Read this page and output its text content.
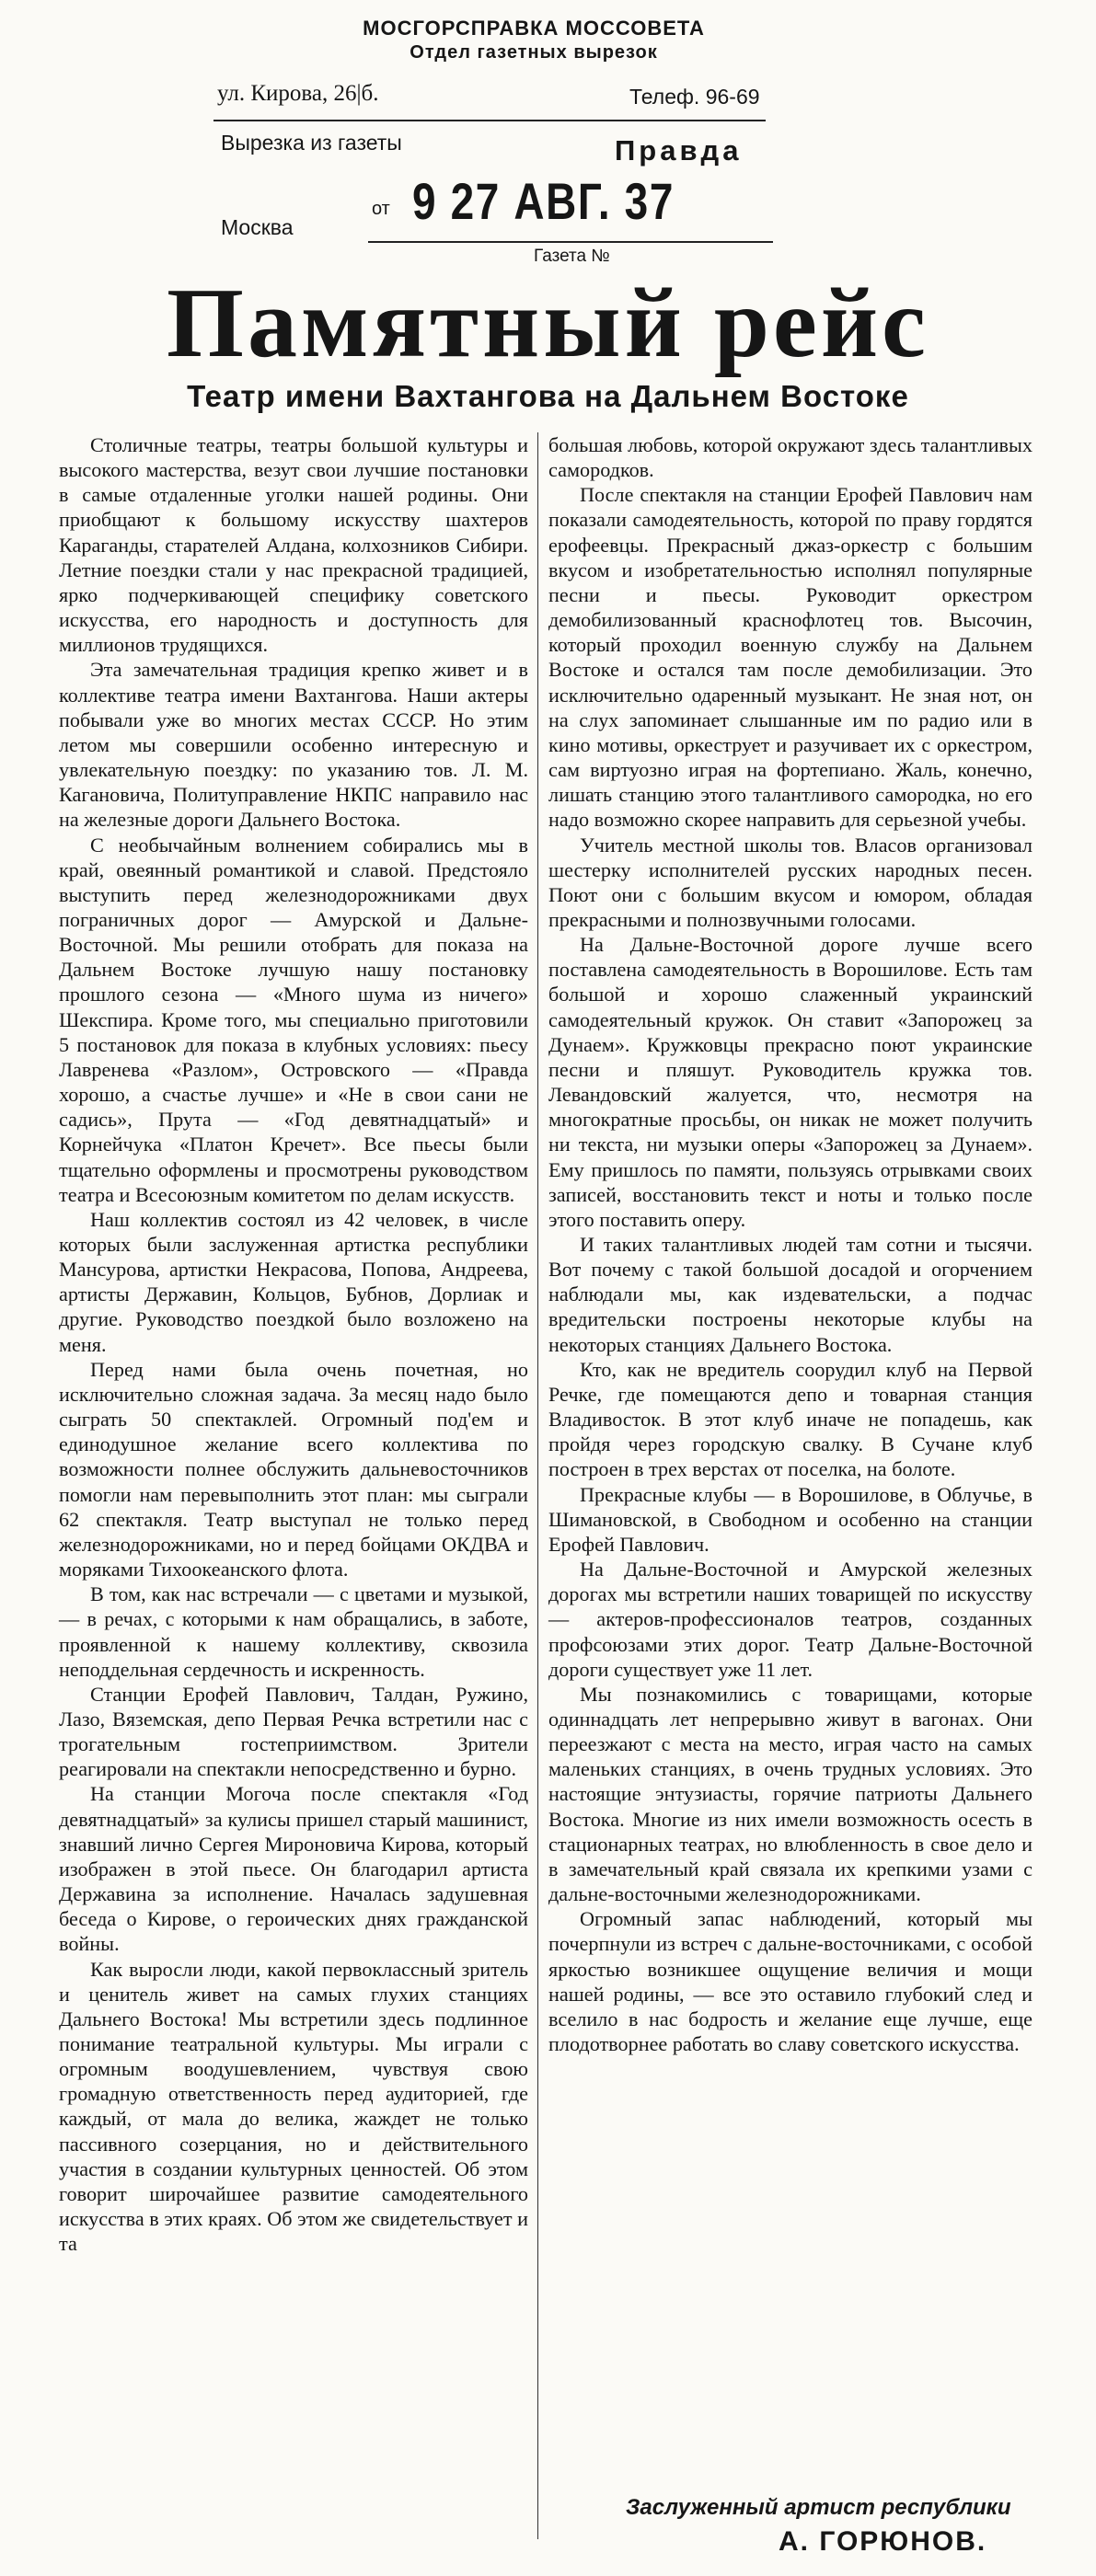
МОСГОРСПРАВКА МОССОВЕТА
Отдел газетных вырезок
ул. Кирова, 26|б.	Телеф. 96-69
Вырезка из газеты	Правда
от 9 27 АВГ. 37
Москва
Газета №
Памятный рейс
Театр имени Вахтангова на Дальнем Востоке

Столичные театры, театры большой культуры и высокого мастерства, везут свои лучшие постановки в самые отдаленные уголки нашей родины. Они приобщают к большому искусству шахтеров Караганды, старателей Алдана, колхозников Сибири. Летние поездки стали у нас прекрасной традицией, ярко подчеркивающей специфику советского искусства, его народность и доступность для миллионов трудящихся.

Эта замечательная традиция крепко живет и в коллективе театра имени Вахтангова. Наши актеры побывали уже во многих местах СССР. Но этим летом мы совершили особенно интересную и увлекательную поездку: по указанию тов. Л. М. Кагановича, Политуправление НКПС направило нас на железные дороги Дальнего Востока.

С необычайным волнением собирались мы в край, овеянный романтикой и славой. Предстояло выступить перед железнодорожниками двух пограничных дорог — Амурской и Дальне-Восточной. Мы решили отобрать для показа на Дальнем Востоке лучшую нашу постановку прошлого сезона — «Много шума из ничего» Шекспира. Кроме того, мы специально приготовили 5 постановок для показа в клубных условиях: пьесу Лавренева «Разлом», Островского — «Правда хорошо, а счастье лучше» и «Не в свои сани не садись», Прута — «Год девятнадцатый» и Корнейчука «Платон Кречет». Все пьесы были тщательно оформлены и просмотрены руководством театра и Всесоюзным комитетом по делам искусств.

Наш коллектив состоял из 42 человек, в числе которых были заслуженная артистка республики Мансурова, артистки Некрасова, Попова, Андреева, артисты Державин, Кольцов, Бубнов, Дорлиак и другие. Руководство поездкой было возложено на меня.

Перед нами была очень почетная, но исключительно сложная задача. За месяц надо было сыграть 50 спектаклей. Огромный под'ем и единодушное желание всего коллектива по возможности полнее обслужить дальневосточников помогли нам перевыполнить этот план: мы сыграли 62 спектакля. Театр выступал не только перед железнодорожниками, но и перед бойцами ОКДВА и моряками Тихоокеанского флота.

В том, как нас встречали — с цветами и музыкой, — в речах, с которыми к нам обращались, в заботе, проявленной к нашему коллективу, сквозила неподдельная сердечность и искренность.

Станции Ерофей Павлович, Талдан, Ружино, Лазо, Вяземская, депо Первая Речка встретили нас с трогательным гостеприимством. Зрители реагировали на спектакли непосредственно и бурно.

На станции Могоча после спектакля «Год девятнадцатый» за кулисы пришел старый машинист, знавший лично Сергея Мироновича Кирова, который изображен в этой пьесе. Он благодарил артиста Державина за исполнение. Началась задушевная беседа о Кирове, о героических днях гражданской войны.

Как выросли люди, какой первоклассный зритель и ценитель живет на самых глухих станциях Дальнего Востока! Мы встретили здесь подлинное понимание театральной культуры. Мы играли с огромным воодушевлением, чувствуя свою громадную ответственность перед аудиторией, где каждый, от мала до велика, жаждет не только пассивного созерцания, но и действительного участия в создании культурных ценностей. Об этом говорит широчайшее развитие самодеятельного искусства в этих краях. Об этом же свидетельствует и та

большая любовь, которой окружают здесь талантливых самородков.

После спектакля на станции Ерофей Павлович нам показали самодеятельность, которой по праву гордятся ерофеевцы. Прекрасный джаз-оркестр с большим вкусом и изобретательностью исполнял популярные песни и пьесы. Руководит оркестром демобилизованный краснофлотец тов. Высочин, который проходил военную службу на Дальнем Востоке и остался там после демобилизации. Это исключительно одаренный музыкант. Не зная нот, он на слух запоминает слышанные им по радио или в кино мотивы, оркеструет и разучивает их с оркестром, сам виртуозно играя на фортепиано. Жаль, конечно, лишать станцию этого талантливого самородка, но его надо возможно скорее направить для серьезной учебы.

Учитель местной школы тов. Власов организовал шестерку исполнителей русских народных песен. Поют они с большим вкусом и юмором, обладая прекрасными и полнозвучными голосами.

На Дальне-Восточной дороге лучше всего поставлена самодеятельность в Ворошилове. Есть там большой и хорошо слаженный украинский самодеятельный кружок. Он ставит «Запорожец за Дунаем». Кружковцы прекрасно поют украинские песни и пляшут. Руководитель кружка тов. Левандовский жалуется, что, несмотря на многократные просьбы, он никак не может получить ни текста, ни музыки оперы «Запорожец за Дунаем». Ему пришлось по памяти, пользуясь отрывками своих записей, восстановить текст и ноты и только после этого поставить оперу.

И таких талантливых людей там сотни и тысячи. Вот почему с такой большой досадой и огорчением наблюдали мы, как издевательски, а подчас вредительски построены некоторые клубы на некоторых станциях Дальнего Востока.

Кто, как не вредитель соорудил клуб на Первой Речке, где помещаются депо и товарная станция Владивосток. В этот клуб иначе не попадешь, как пройдя через городскую свалку. В Сучане клуб построен в трех верстах от поселка, на болоте.

Прекрасные клубы — в Ворошилове, в Облучье, в Шимановской, в Свободном и особенно на станции Ерофей Павлович.

На Дальне-Восточной и Амурской железных дорогах мы встретили наших товарищей по искусству — актеров-профессионалов театров, созданных профсоюзами этих дорог. Театр Дальне-Восточной дороги существует уже 11 лет.

Мы познакомились с товарищами, которые одиннадцать лет непрерывно живут в вагонах. Они переезжают с места на место, играя часто на самых маленьких станциях, в очень трудных условиях. Это настоящие энтузиасты, горячие патриоты Дальнего Востока. Многие из них имели возможность осесть в стационарных театрах, но влюбленность в свое дело и в замечательный край связала их крепкими узами с дальне-восточными железнодорожниками.

Огромный запас наблюдений, который мы почерпнули из встреч с дальне-восточниками, с особой яркостью возникшее ощущение величия и мощи нашей родины, — все это оставило глубокий след и вселило в нас бодрость и желание еще лучше, еще плодотворнее работать во славу советского искусства.

Заслуженный артист республики
А. ГОРЮНОВ.
